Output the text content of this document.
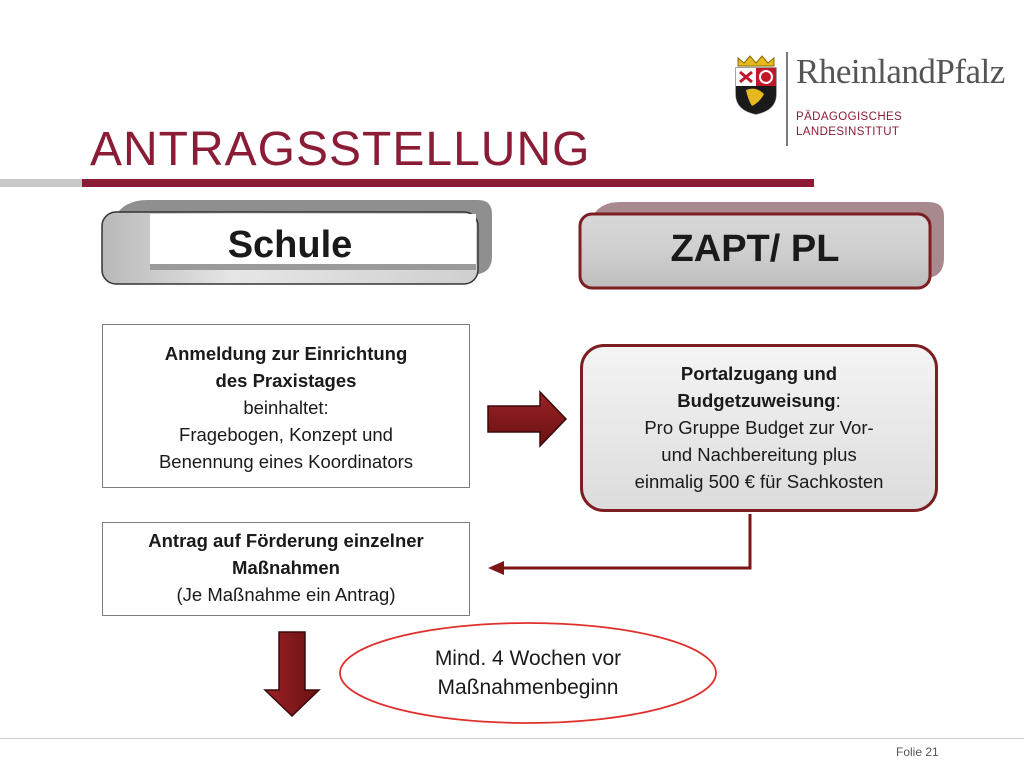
RheinlandPfalz
PÄDAGOGISCHES
LANDESINSTITUT
ANTRAGSSTELLUNG
Schule	ZAPT/ PL
Anmeldung zur Einrichtung
des Praxistages
beinhaltet:
Fragebogen, Konzept und
Benennung eines Koordinators
Portalzugang und
Budgetzuweisung:
Pro Gruppe Budget zur Vor-
und Nachbereitung plus
einmalig 500 € für Sachkosten
Antrag auf Förderung einzelner
Maßnahmen
(Je Maßnahme ein Antrag)
Mind. 4 Wochen vor
Maßnahmenbeginn
Folie 21
